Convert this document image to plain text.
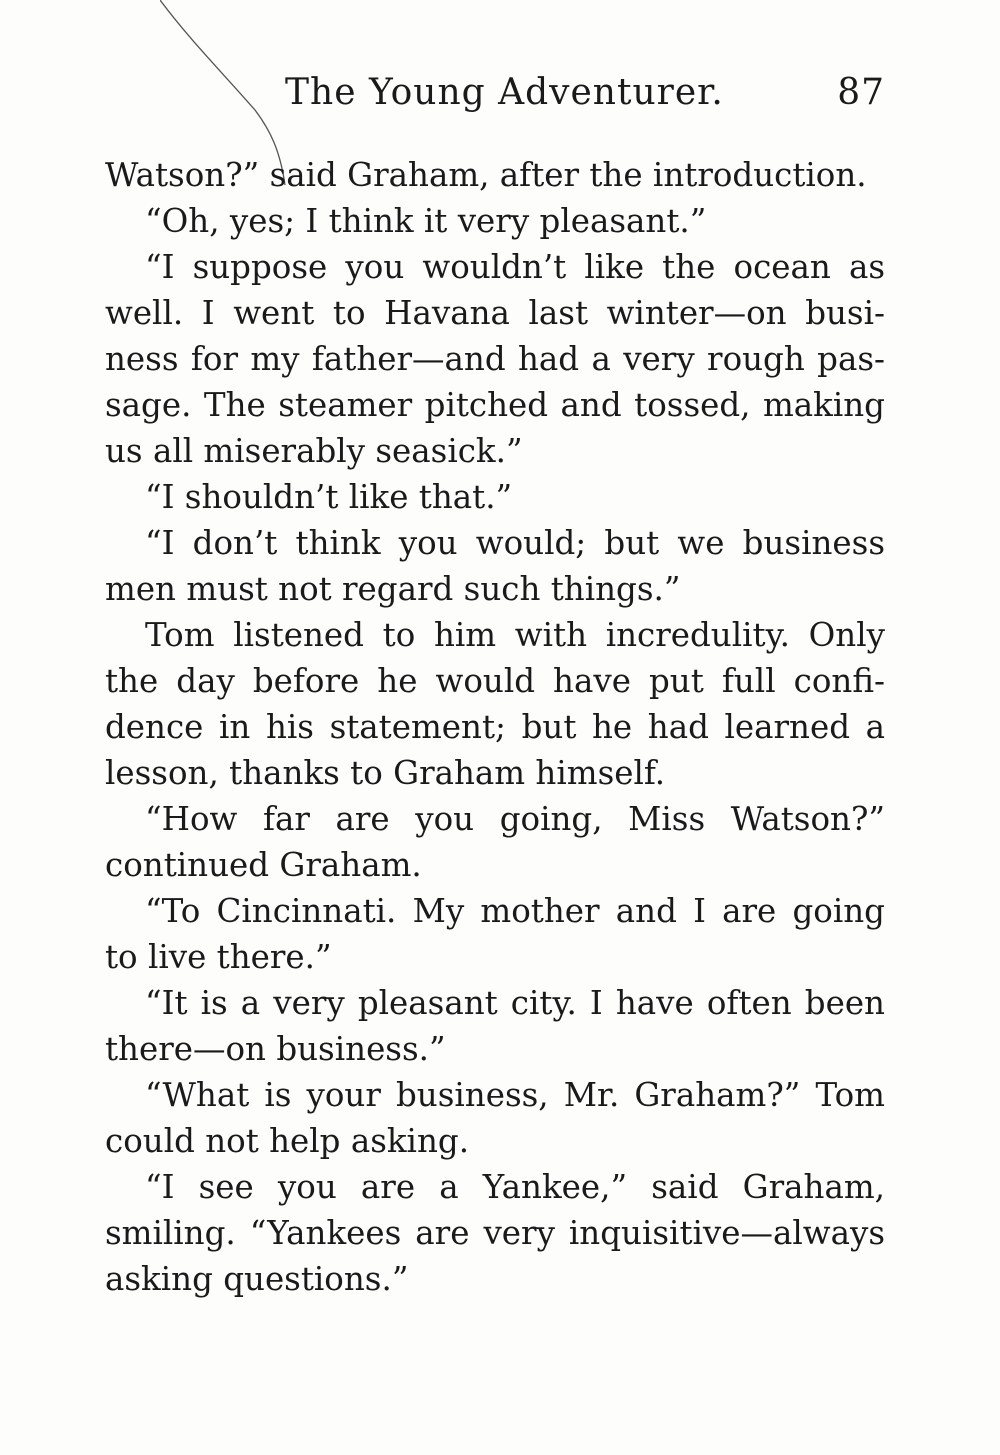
The Young Adventurer.	87

Watson?” said Graham, after the introduction.

“Oh, yes; I think it very pleasant.”

“I suppose you wouldn’t like the ocean as well. I went to Havana last winter—on business for my father—and had a very rough passage. The steamer pitched and tossed, making us all miserably seasick.”

“I shouldn’t like that.”

“I don’t think you would; but we business men must not regard such things.”

Tom listened to him with incredulity. Only the day before he would have put full confidence in his statement; but he had learned a lesson, thanks to Graham himself.

“How far are you going, Miss Watson?” continued Graham.

“To Cincinnati. My mother and I are going to live there.”

“It is a very pleasant city. I have often been there—on business.”

“What is your business, Mr. Graham?” Tom could not help asking.

“I see you are a Yankee,” said Graham, smiling. “Yankees are very inquisitive—always asking questions.”
